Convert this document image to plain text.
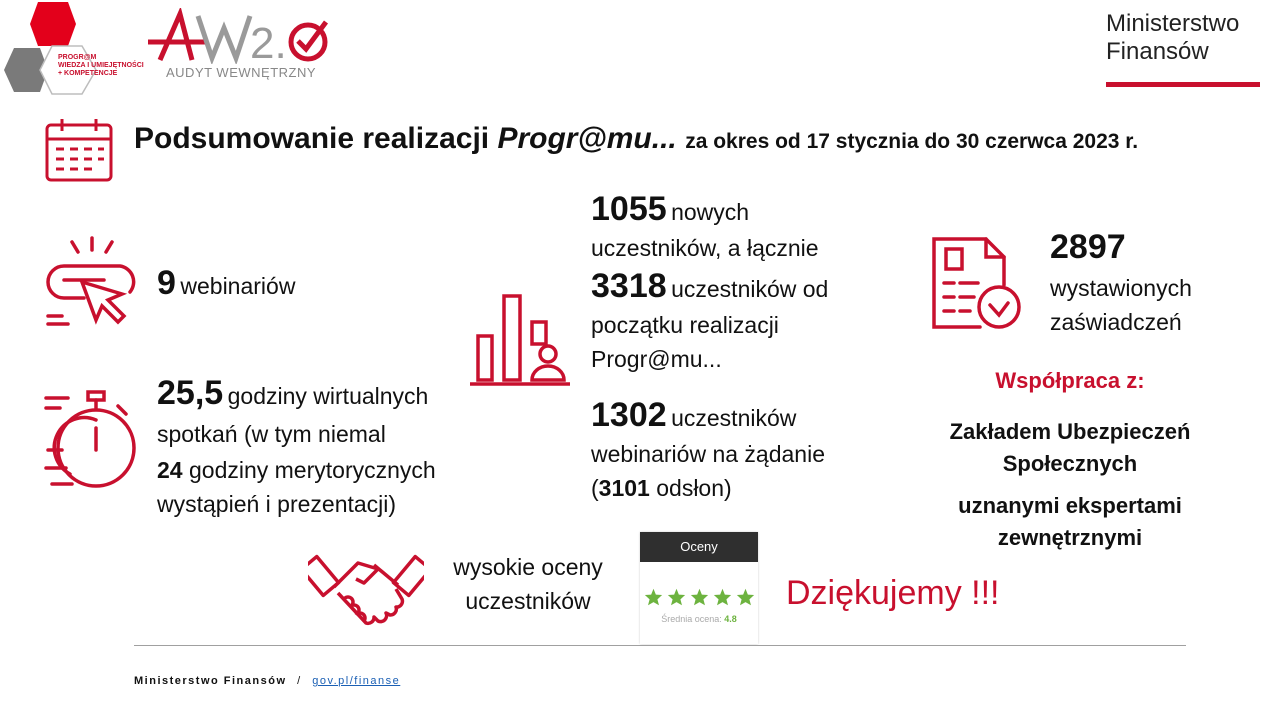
PROGR@M
WIEDZA I UMIEJĘTNOŚCI
+ KOMPETENCJE
2.
AUDYT WEWNĘTRZNY
Ministerstwo
Finansów
Podsumowanie realizacji Progr@mu... za okres od 17 stycznia do 30 czerwca 2023 r.
9 webinariów
25,5 godziny wirtualnych
spotkań (w tym niemal
24 godziny merytorycznych
wystąpień i prezentacji)
1055 nowych
uczestników, a łącznie
3318 uczestników od
początku realizacji
Progr@mu...
1302 uczestników
webinariów na żądanie
(3101 odsłon)
2897
wystawionych
zaświadczeń
Współpraca z:
Zakładem Ubezpieczeń
Społecznych
uznanymi ekspertami
zewnętrznymi
wysokie oceny
uczestników
Oceny
Średnia ocena: 4.8
Dziękujemy !!!
Ministerstwo Finansów / gov.pl/finanse
